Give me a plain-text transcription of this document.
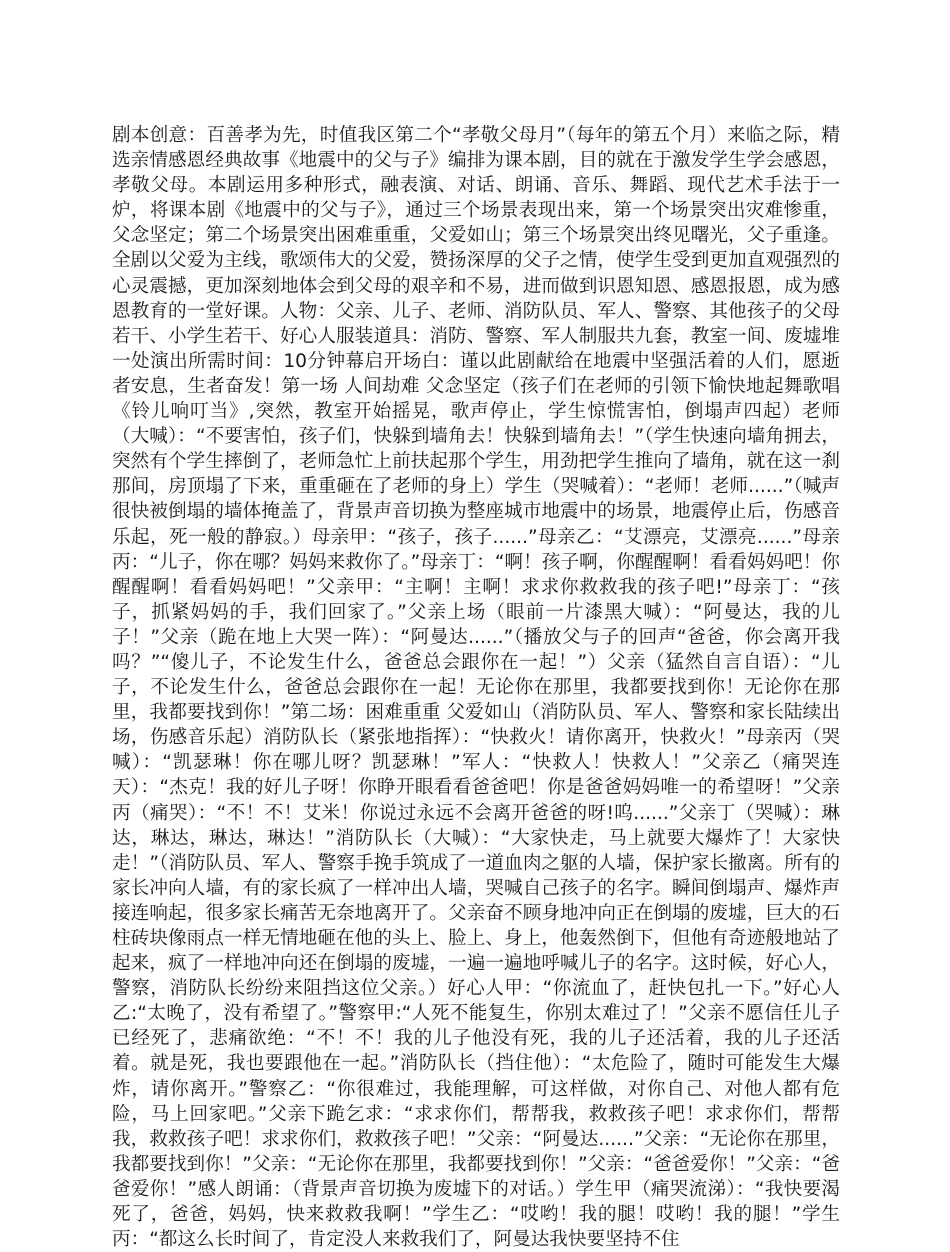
剧本创意：百善孝为先，时值我区第二个“孝敬父母月”（每年的第五个月）来临之际，精选亲情感恩经典故事《地震中的父与子》编排为课本剧，目的就在于激发学生学会感恩，孝敬父母。本剧运用多种形式，融表演、对话、朗诵、音乐、舞蹈、现代艺术手法于一炉，将课本剧《地震中的父与子》，通过三个场景表现出来，第一个场景突出灾难惨重，父念坚定；第二个场景突出困难重重，父爱如山；第三个场景突出终见曙光，父子重逢。全剧以父爱为主线，歌颂伟大的父爱，赞扬深厚的父子之情，使学生受到更加直观强烈的心灵震撼，更加深刻地体会到父母的艰辛和不易，进而做到识恩知恩、感恩报恩，成为感恩教育的一堂好课。人物：父亲、儿子、老师、消防队员、军人、警察、其他孩子的父母若干、小学生若干、好心人服装道具：消防、警察、军人制服共九套，教室一间、废墟堆一处演出所需时间：10分钟幕启开场白：谨以此剧献给在地震中坚强活着的人们，愿逝者安息，生者奋发！第一场 人间劫难 父念坚定（孩子们在老师的引领下愉快地起舞歌唱《铃儿响叮当》,突然，教室开始摇晃，歌声停止，学生惊慌害怕，倒塌声四起）老师（大喊）：“不要害怕，孩子们，快躲到墙角去！快躲到墙角去！”（学生快速向墙角拥去，突然有个学生摔倒了，老师急忙上前扶起那个学生，用劲把学生推向了墙角，就在这一刹那间，房顶塌了下来，重重砸在了老师的身上）学生（哭喊着）：“老师！老师......”（喊声很快被倒塌的墙体掩盖了，背景声音切换为整座城市地震中的场景，地震停止后，伤感音乐起，死一般的静寂。）母亲甲：“孩子，孩子......”母亲乙：“艾漂亮，艾漂亮......”母亲丙：“儿子，你在哪？妈妈来救你了。”母亲丁：“啊！孩子啊，你醒醒啊！看看妈妈吧！你醒醒啊！看看妈妈吧！”父亲甲：“主啊！主啊！求求你救救我的孩子吧!”母亲丁：“孩子，抓紧妈妈的手，我们回家了。”父亲上场（眼前一片漆黑大喊）：“阿曼达，我的儿子！”父亲（跪在地上大哭一阵）：“阿曼达......”（播放父与子的回声“爸爸，你会离开我吗？”“傻儿子，不论发生什么，爸爸总会跟你在一起！”）父亲（猛然自言自语）：“儿子，不论发生什么，爸爸总会跟你在一起！无论你在那里，我都要找到你！无论你在那里，我都要找到你！”第二场：困难重重 父爱如山（消防队员、军人、警察和家长陆续出场，伤感音乐起）消防队长（紧张地指挥）：“快救火！请你离开，快救火！”母亲丙（哭喊）：“凯瑟琳！你在哪儿呀？凯瑟琳！”军人：“快救人！快救人！”父亲乙（痛哭连天）：“杰克！我的好儿子呀！你睁开眼看看爸爸吧！你是爸爸妈妈唯一的希望呀！”父亲丙（痛哭）：“不！不！艾米！你说过永远不会离开爸爸的呀!呜......”父亲丁（哭喊）：琳达，琳达，琳达，琳达！”消防队长（大喊）：“大家快走，马上就要大爆炸了！大家快走！”（消防队员、军人、警察手挽手筑成了一道血肉之躯的人墙，保护家长撤离。所有的家长冲向人墙，有的家长疯了一样冲出人墙，哭喊自己孩子的名字。瞬间倒塌声、爆炸声接连响起，很多家长痛苦无奈地离开了。父亲奋不顾身地冲向正在倒塌的废墟，巨大的石柱砖块像雨点一样无情地砸在他的头上、脸上、身上，他轰然倒下，但他有奇迹般地站了起来，疯了一样地冲向还在倒塌的废墟，一遍一遍地呼喊儿子的名字。这时候，好心人，警察，消防队长纷纷来阻挡这位父亲。）好心人甲：“你流血了，赶快包扎一下。”好心人乙:“太晚了，没有希望了。”警察甲:“人死不能复生，你别太难过了！”父亲不愿信任儿子已经死了，悲痛欲绝：“不！不！我的儿子他没有死，我的儿子还活着，我的儿子还活着。就是死，我也要跟他在一起。”消防队长（挡住他）：“太危险了，随时可能发生大爆炸，请你离开。”警察乙：“你很难过，我能理解，可这样做，对你自己、对他人都有危险，马上回家吧。”父亲下跪乞求：“求求你们，帮帮我，救救孩子吧！求求你们，帮帮我，救救孩子吧！求求你们，救救孩子吧！”父亲：“阿曼达......”父亲：“无论你在那里，我都要找到你！”父亲：“无论你在那里，我都要找到你！”父亲：“爸爸爱你！”父亲：“爸爸爱你！”感人朗诵：（背景声音切换为废墟下的对话。）学生甲（痛哭流涕）：“我快要渴死了，爸爸，妈妈，快来救救我啊！”学生乙：“哎哟！我的腿！哎哟！我的腿！”学生丙：“都这么长时间了，肯定没人来救我们了，阿曼达我快要坚持不住
